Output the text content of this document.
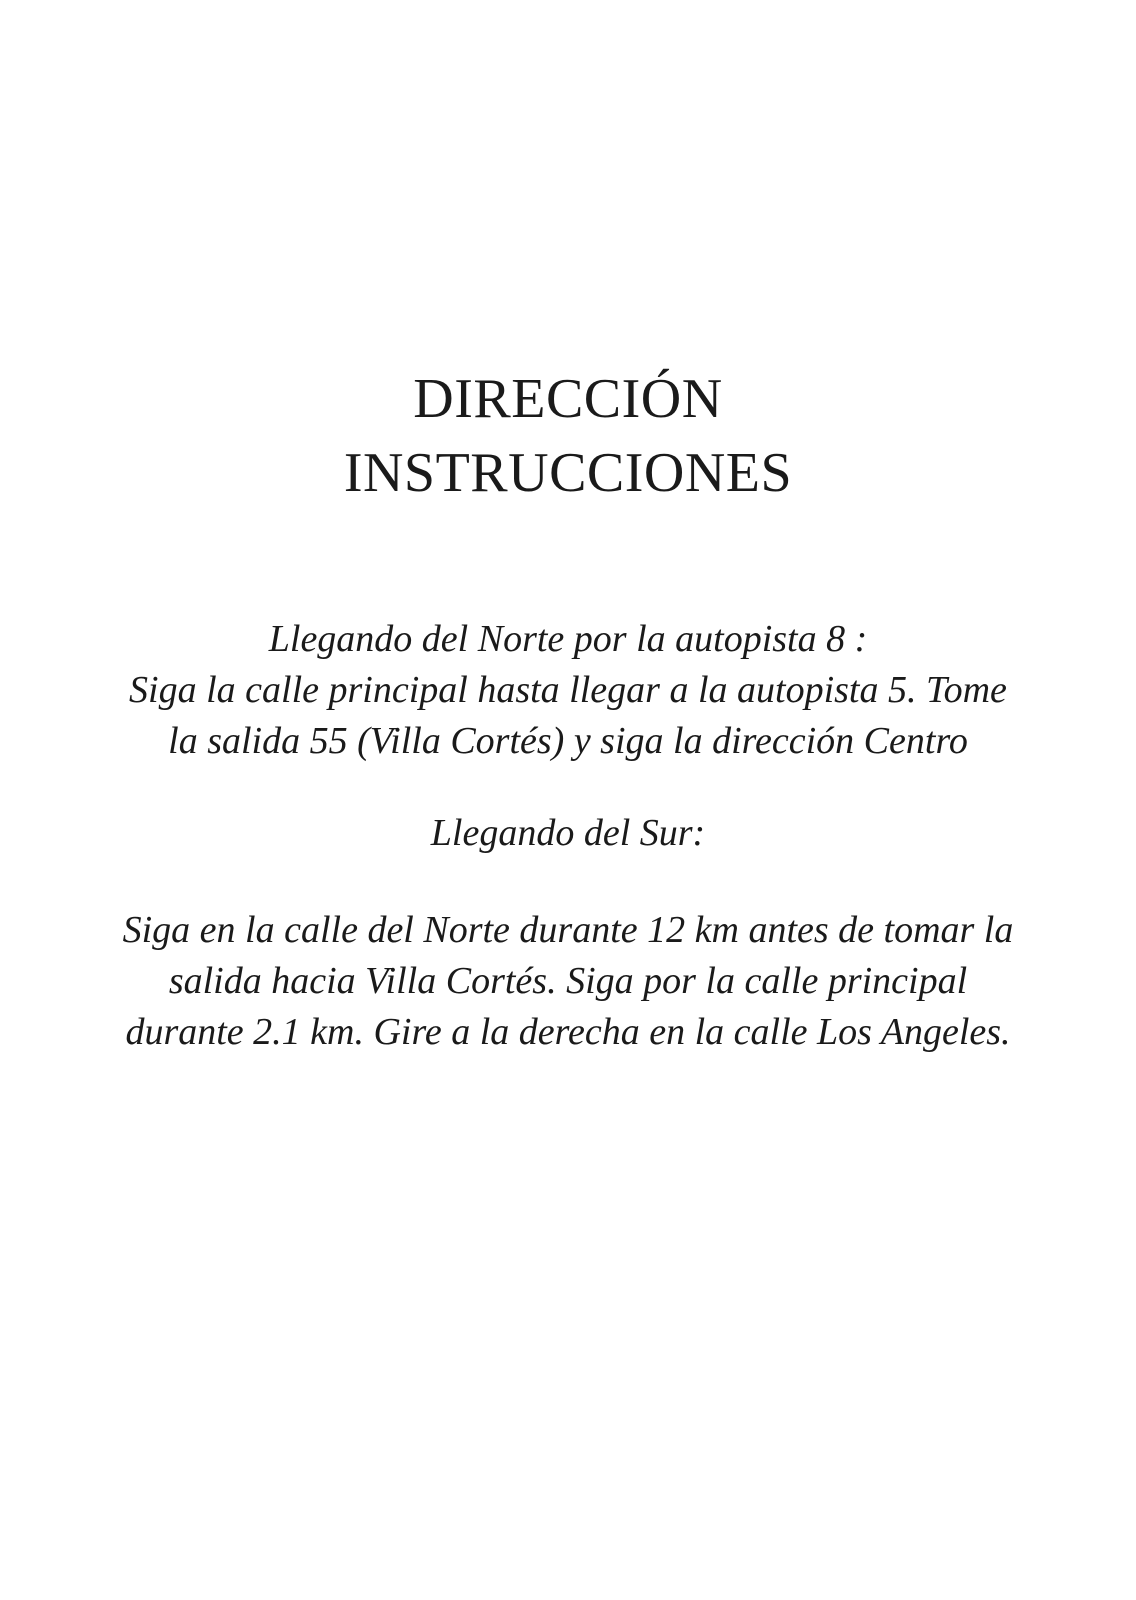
DIRECCIÓN
INSTRUCCIONES
Llegando del Norte por la autopista 8 :
Siga la calle principal hasta llegar a la autopista 5. Tome
la salida 55 (Villa Cortés) y siga la dirección Centro
Llegando del Sur:
Siga en la calle del Norte durante 12 km antes de tomar la
salida hacia Villa Cortés. Siga por la calle principal
durante 2.1 km. Gire a la derecha en la calle Los Angeles.
